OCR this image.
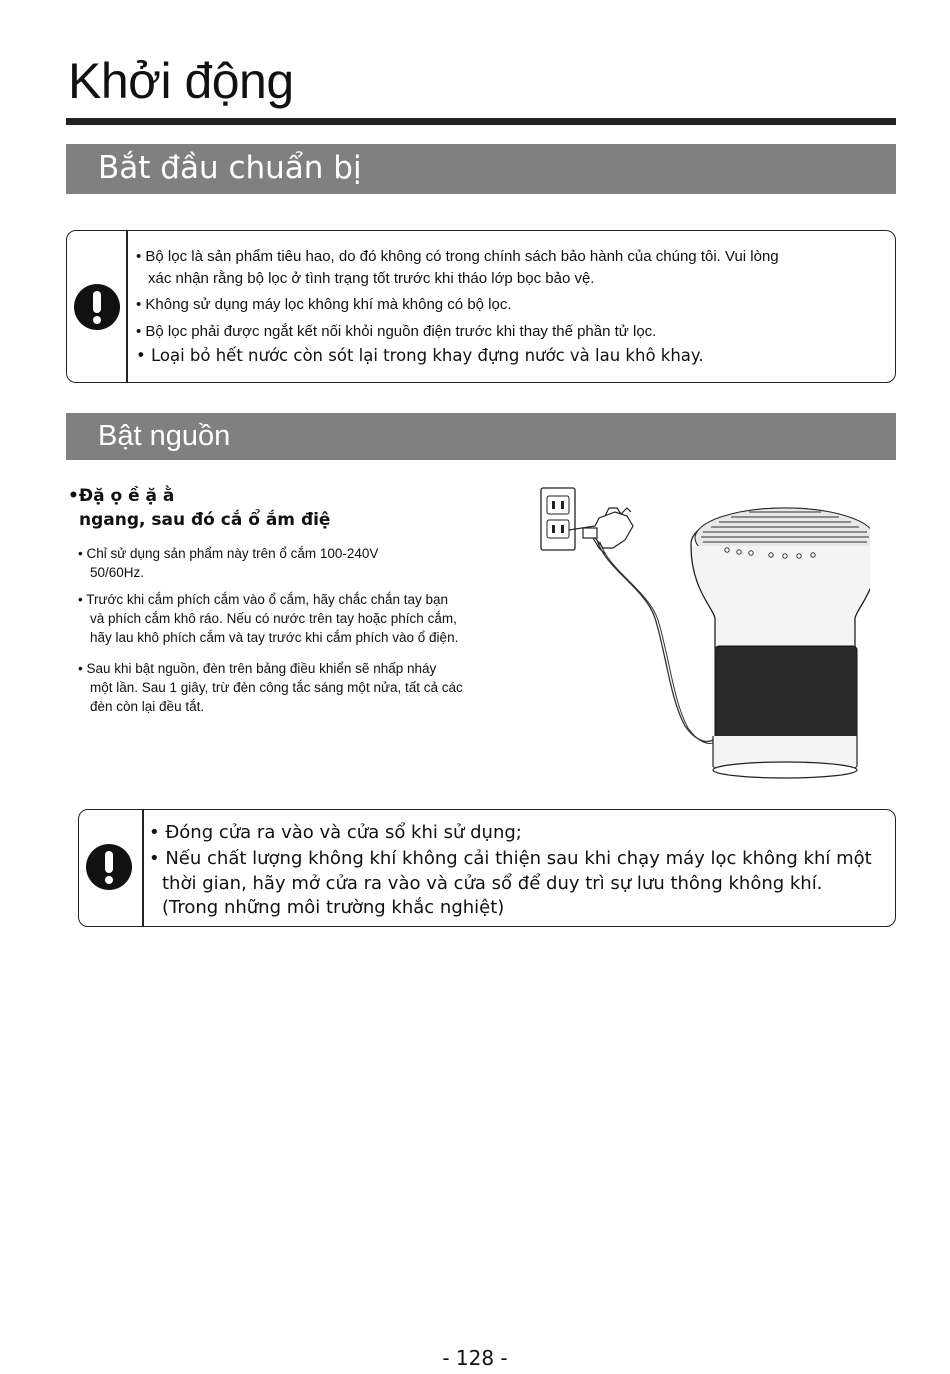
Khởi động
Bắt đầu chuẩn bị
• Bộ lọc là sản phẩm tiêu hao, do đó không có trong chính sách bảo hành của chúng tôi. Vui lòng
xác nhận rằng bộ lọc ở tình trạng tốt trước khi tháo lớp bọc bảo vệ.
• Không sử dụng máy lọc không khí mà không có bộ lọc.
• Bộ lọc phải được ngắt kết nối khỏi nguồn điện trước khi thay thế phần tử lọc.
• Loại bỏ hết nước còn sót lại trong khay đựng nước và lau khô khay.
Bật nguồn
•Đặ ọ ề ặ ằ
ngang, sau đó cắ ổ ắm điệ
• Chỉ sử dụng sản phẩm này trên ổ cắm 100-240V
50/60Hz.
• Trước khi cắm phích cắm vào ổ cắm, hãy chắc chắn tay bạn
và phích cắm khô ráo. Nếu có nước trên tay hoặc phích cắm,
hãy lau khô phích cắm và tay trước khi cắm phích vào ổ điện.
• Sau khi bật nguồn, đèn trên bảng điều khiển sẽ nhấp nháy
một lần. Sau 1 giây, trừ đèn công tắc sáng một nửa, tất cả các
đèn còn lại đều tắt.
• Đóng cửa ra vào và cửa sổ khi sử dụng;
• Nếu chất lượng không khí không cải thiện sau khi chạy máy lọc không khí một
thời gian, hãy mở cửa ra vào và cửa sổ để duy trì sự lưu thông không khí.
(Trong những môi trường khắc nghiệt)
- 128 -
